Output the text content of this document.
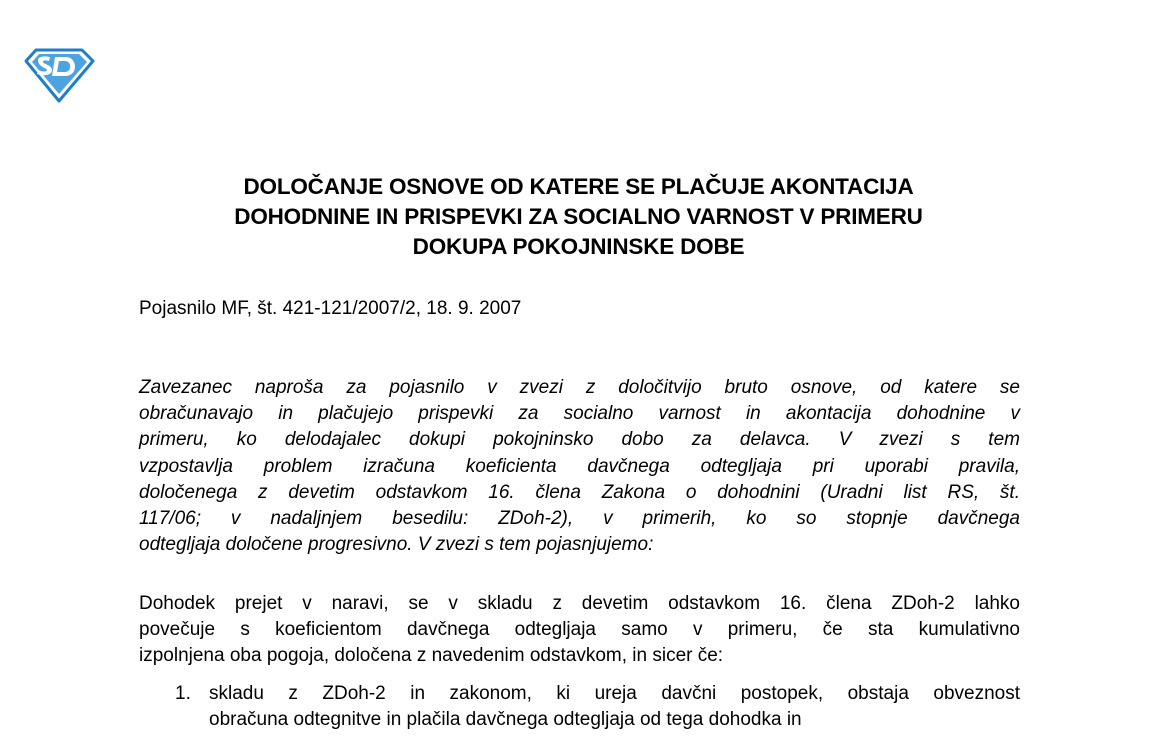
DOLOČANJE OSNOVE OD KATERE SE PLAČUJE AKONTACIJA
DOHODNINE IN PRISPEVKI ZA SOCIALNO VARNOST V PRIMERU
DOKUPA POKOJNINSKE DOBE

Pojasnilo MF, št. 421-121/2007/2, 18. 9. 2007

Zavezanec naproša za pojasnilo v zvezi z določitvijo bruto osnove, od katere se
obračunavajo in plačujejo prispevki za socialno varnost in akontacija dohodnine v
primeru, ko delodajalec dokupi pokojninsko dobo za delavca. V zvezi s tem
vzpostavlja problem izračuna koeficienta davčnega odtegljaja pri uporabi pravila,
določenega z devetim odstavkom 16. člena Zakona o dohodnini (Uradni list RS, št.
117/06; v nadaljnjem besedilu: ZDoh-2), v primerih, ko so stopnje davčnega
odtegljaja določene progresivno. V zvezi s tem pojasnjujemo:

Dohodek prejet v naravi, se v skladu z devetim odstavkom 16. člena ZDoh-2 lahko
povečuje s koeficientom davčnega odtegljaja samo v primeru, če sta kumulativno
izpolnjena oba pogoja, določena z navedenim odstavkom, in sicer če:

1. skladu z ZDoh-2 in zakonom, ki ureja davčni postopek, obstaja obveznost
obračuna odtegnitve in plačila davčnega odtegljaja od tega dohodka in
